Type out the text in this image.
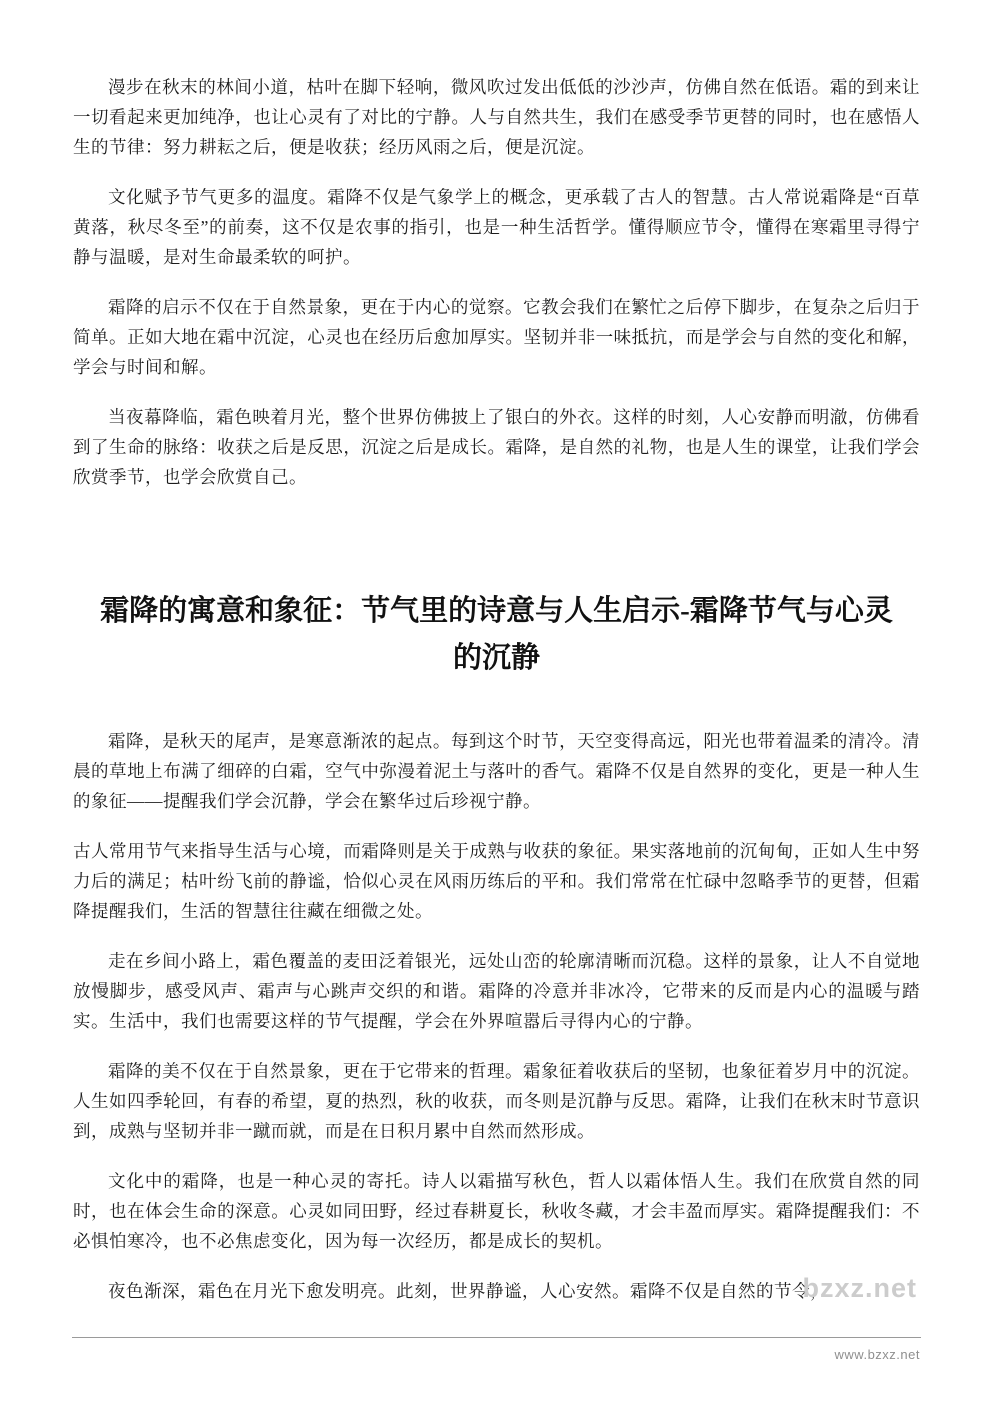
漫步在秋末的林间小道，枯叶在脚下轻响，微风吹过发出低低的沙沙声，仿佛自然在低语。霜的到来让一切看起来更加纯净，也让心灵有了对比的宁静。人与自然共生，我们在感受季节更替的同时，也在感悟人生的节律：努力耕耘之后，便是收获；经历风雨之后，便是沉淀。

文化赋予节气更多的温度。霜降不仅是气象学上的概念，更承载了古人的智慧。古人常说霜降是“百草黄落，秋尽冬至”的前奏，这不仅是农事的指引，也是一种生活哲学。懂得顺应节令，懂得在寒霜里寻得宁静与温暖，是对生命最柔软的呵护。

霜降的启示不仅在于自然景象，更在于内心的觉察。它教会我们在繁忙之后停下脚步，在复杂之后归于简单。正如大地在霜中沉淀，心灵也在经历后愈加厚实。坚韧并非一味抵抗，而是学会与自然的变化和解，学会与时间和解。

当夜幕降临，霜色映着月光，整个世界仿佛披上了银白的外衣。这样的时刻，人心安静而明澈，仿佛看到了生命的脉络：收获之后是反思，沉淀之后是成长。霜降，是自然的礼物，也是人生的课堂，让我们学会欣赏季节，也学会欣赏自己。

霜降的寓意和象征：节气里的诗意与人生启示-霜降节气与心灵的沉静

霜降，是秋天的尾声，是寒意渐浓的起点。每到这个时节，天空变得高远，阳光也带着温柔的清冷。清晨的草地上布满了细碎的白霜，空气中弥漫着泥土与落叶的香气。霜降不仅是自然界的变化，更是一种人生的象征——提醒我们学会沉静，学会在繁华过后珍视宁静。

古人常用节气来指导生活与心境，而霜降则是关于成熟与收获的象征。果实落地前的沉甸甸，正如人生中努力后的满足；枯叶纷飞前的静谧，恰似心灵在风雨历练后的平和。我们常常在忙碌中忽略季节的更替，但霜降提醒我们，生活的智慧往往藏在细微之处。

走在乡间小路上，霜色覆盖的麦田泛着银光，远处山峦的轮廓清晰而沉稳。这样的景象，让人不自觉地放慢脚步，感受风声、霜声与心跳声交织的和谐。霜降的冷意并非冰冷，它带来的反而是内心的温暖与踏实。生活中，我们也需要这样的节气提醒，学会在外界喧嚣后寻得内心的宁静。

霜降的美不仅在于自然景象，更在于它带来的哲理。霜象征着收获后的坚韧，也象征着岁月中的沉淀。人生如四季轮回，有春的希望，夏的热烈，秋的收获，而冬则是沉静与反思。霜降，让我们在秋末时节意识到，成熟与坚韧并非一蹴而就，而是在日积月累中自然而然形成。

文化中的霜降，也是一种心灵的寄托。诗人以霜描写秋色，哲人以霜体悟人生。我们在欣赏自然的同时，也在体会生命的深意。心灵如同田野，经过春耕夏长，秋收冬藏，才会丰盈而厚实。霜降提醒我们：不必惧怕寒冷，也不必焦虑变化，因为每一次经历，都是成长的契机。

夜色渐深，霜色在月光下愈发明亮。此刻，世界静谧，人心安然。霜降不仅是自然的节令，

bzxz.net
www.bzxz.net
